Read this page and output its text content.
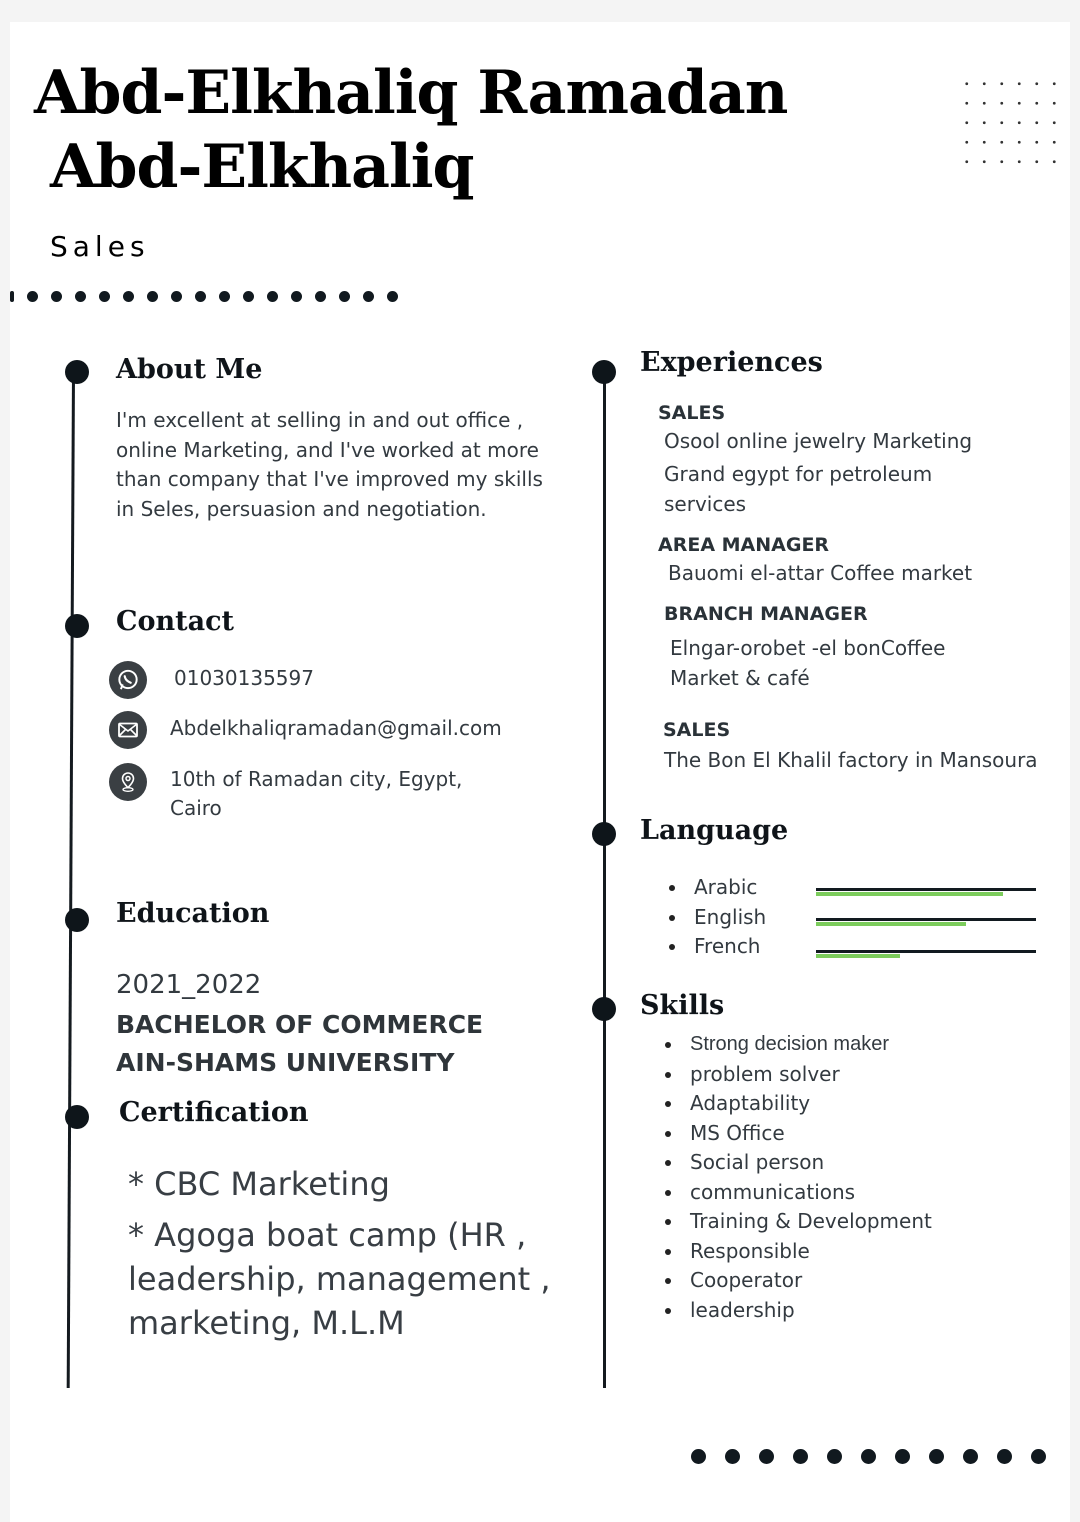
Abd-Elkhaliq Ramadan
Abd-Elkhaliq
Sales
About Me
I'm excellent at selling in and out office , online Marketing, and I've worked at more than company that I've improved my skills in Seles, persuasion and negotiation.
Contact
01030135597
Abdelkhaliqramadan@gmail.com
10th of Ramadan city, Egypt, Cairo
Education
2021_2022
BACHELOR OF COMMERCE
AIN-SHAMS UNIVERSITY
Certification
* CBC Marketing
* Agoga boat camp (HR , leadership, management , marketing, M.L.M
Experiences
SALES
Osool online jewelry Marketing
Grand egypt for petroleum services
AREA MANAGER
Bauomi el-attar Coffee market
BRANCH MANAGER
Elngar-orobet -el bonCoffee Market & café
SALES
The Bon El Khalil factory in Mansoura
Language
Arabic
English
French
Skills
Strong decision maker
problem solver
Adaptability
MS Office
Social person
communications
Training & Development
Responsible
Cooperator
leadership
